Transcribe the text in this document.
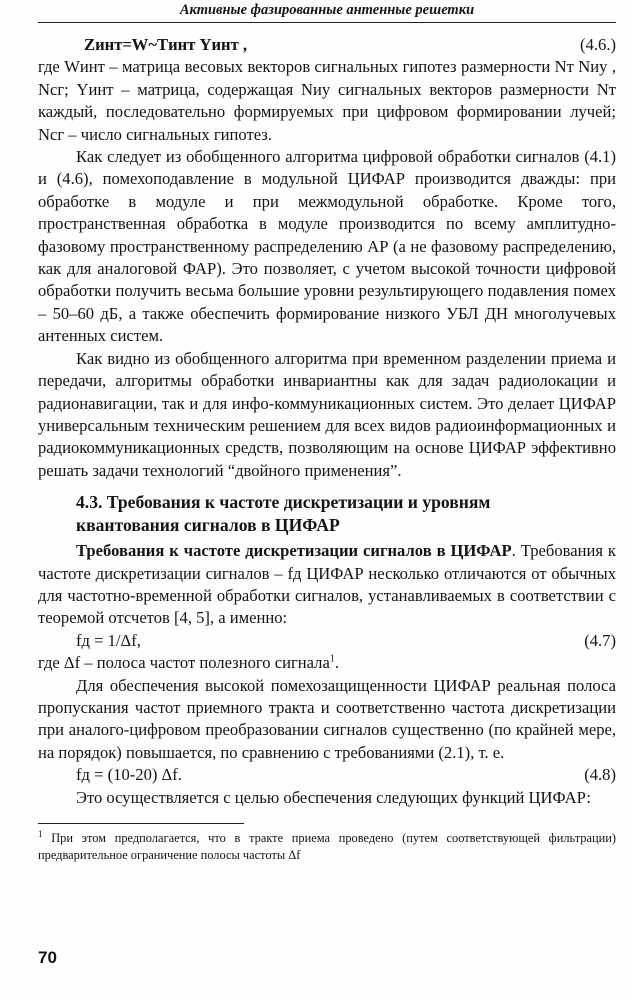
Активные фазированные антенные решетки
Zинт=W~Tинт Yинт ,	(4.6.)

где Wинт – матрица весовых векторов сигнальных гипотез размерности Nт Nиу , Nсг; Yинт – матрица, содержащая Nиу сигнальных векторов размерности Nт каждый, последовательно формируемых при цифровом формировании лучей; Nсг – число сигнальных гипотез.

Как следует из обобщенного алгоритма цифровой обработки сигналов (4.1) и (4.6), помехоподавление в модульной ЦИФАР производится дважды: при обработке в модуле и при межмодульной обработке. Кроме того, пространственная обработка в модуле производится по всему амплитудно-фазовому пространственному распределению АР (а не фазовому распределению, как для аналоговой ФАР). Это позволяет, с учетом высокой точности цифровой обработки получить весьма большие уровни результирующего подавления помех – 50–60 дБ, а также обеспечить формирование низкого УБЛ ДН многолучевых антенных систем.

Как видно из обобщенного алгоритма при временном разделении приема и передачи, алгоритмы обработки инвариантны как для задач радиолокации и радионавигации, так и для инфо-коммуникационных систем. Это делает ЦИФАР универсальным техническим решением для всех видов радиоинформационных и радиокоммуникационных средств, позволяющим на основе ЦИФАР эффективно решать задачи технологий “двойного применения”.

4.3. Требования к частоте дискретизации и уровням
квантования сигналов в ЦИФАР

Требования к частоте дискретизации сигналов в ЦИФАР. Требования к частоте дискретизации сигналов – fд ЦИФАР несколько отличаются от обычных для частотно-временной обработки сигналов, устанавливаемых в соответствии с теоремой отсчетов [4, 5], а именно:

fд = 1/Δf,	(4.7)

где Δf – полоса частот полезного сигнала$^1$.

Для обеспечения высокой помехозащищенности ЦИФАР реальная полоса пропускания частот приемного тракта и соответственно частота дискретизации при аналого-цифровом преобразовании сигналов существенно (по крайней мере, на порядок) повышается, по сравнению с требованиями (2.1), т. е.

fд = (10-20) Δf.	(4.8)

Это осуществляется с целью обеспечения следующих функций ЦИФАР:

$^1$ При этом предполагается, что в тракте приема проведено (путем соответствующей фильтрации) предварительное ограничение полосы частоты Δf
70
